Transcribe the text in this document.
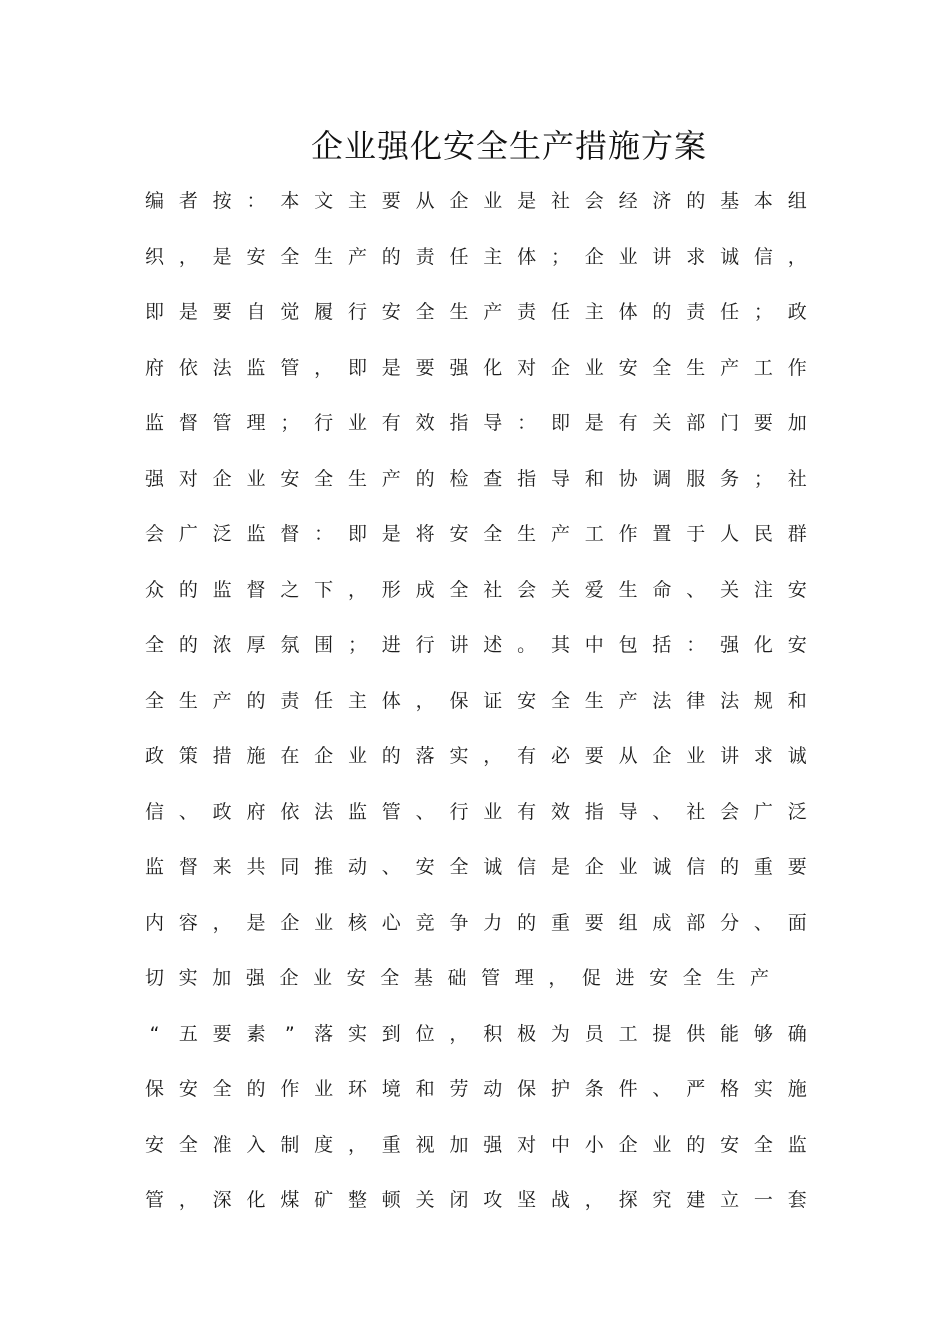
企业强化安全生产措施方案
编 者 按 ： 本 文 主 要 从 企 业 是 社 会 经 济 的 基 本 组
织 ， 是 安 全 生 产 的 责 任 主 体 ； 企 业 讲 求 诚 信 ，
即 是 要 自 觉 履 行 安 全 生 产 责 任 主 体 的 责 任 ； 政
府 依 法 监 管 ， 即 是 要 强 化 对 企 业 安 全 生 产 工 作
监 督 管 理 ； 行 业 有 效 指 导 ： 即 是 有 关 部 门 要 加
强 对 企 业 安 全 生 产 的 检 查 指 导 和 协 调 服 务 ； 社
会 广 泛 监 督 ： 即 是 将 安 全 生 产 工 作 置 于 人 民 群
众 的 监 督 之 下 ， 形 成 全 社 会 关 爱 生 命 、 关 注 安
全 的 浓 厚 氛 围 ； 进 行 讲 述 。 其 中 包 括 ： 强 化 安
全 生 产 的 责 任 主 体 ， 保 证 安 全 生 产 法 律 法 规 和
政 策 措 施 在 企 业 的 落 实 ， 有 必 要 从 企 业 讲 求 诚
信 、 政 府 依 法 监 管 、 行 业 有 效 指 导 、 社 会 广 泛
监 督 来 共 同 推 动 、 安 全 诚 信 是 企 业 诚 信 的 重 要
内 容 ， 是 企 业 核 心 竞 争 力 的 重 要 组 成 部 分 、 面
切 实 加 强 企 业 安 全 基 础 管 理 ， 促 进 安 全 生 产
“ 五 要 素 ” 落 实 到 位 ， 积 极 为 员 工 提 供 能 够 确
保 安 全 的 作 业 环 境 和 劳 动 保 护 条 件 、 严 格 实 施
安 全 准 入 制 度 ， 重 视 加 强 对 中 小 企 业 的 安 全 监
管 ， 深 化 煤 矿 整 顿 关 闭 攻 坚 战 ， 探 究 建 立 一 套
